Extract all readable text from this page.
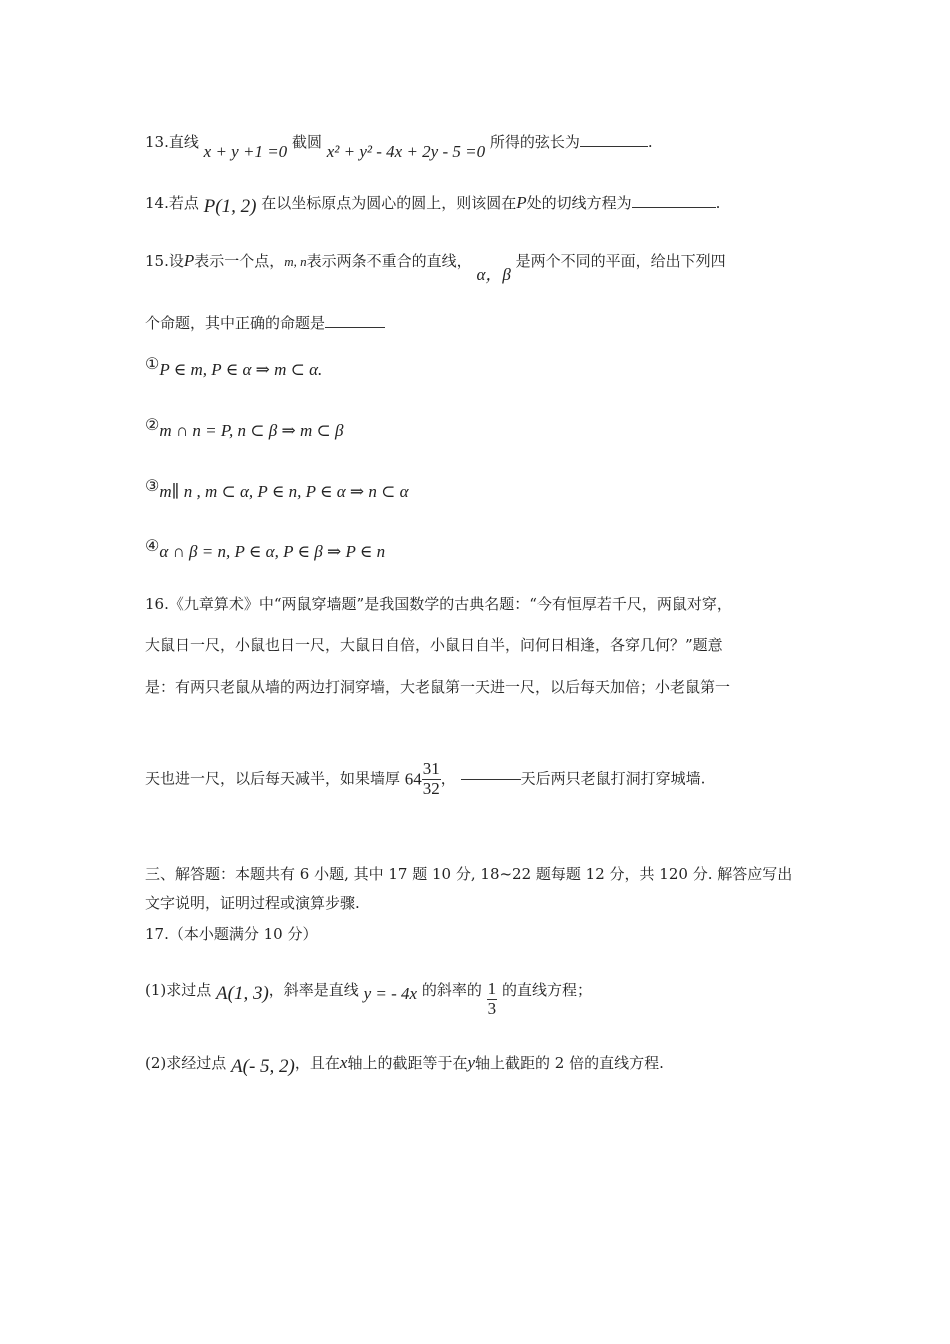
13.直线 x + y +1 =0 截圆 x² + y² - 4x + 2y - 5 =0 所得的弦长为	.
14.若点 P(1, 2) 在以坐标原点为圆心的圆上，则该圆在P处的切线方程为	.
15.设P表示一个点，m, n表示两条不重合的直线， α，β 是两个不同的平面，给出下列四
个命题，其中正确的命题是
①P ∈ m, P ∈ α ⇒ m ⊂ α.
②m ∩ n = P, n ⊂ β ⇒ m ⊂ β
③m∥ n , m ⊂ α, P ∈ n, P ∈ α ⇒ n ⊂ α
④α ∩ β = n, P ∈ α, P ∈ β ⇒ P ∈ n
16.《九章算术》中“两鼠穿墙题”是我国数学的古典名题：“今有恒厚若千尺，两鼠对穿，
大鼠日一尺，小鼠也日一尺，大鼠日自倍，小鼠日自半，问何日相逢，各穿几何？”题意
是：有两只老鼠从墙的两边打洞穿墙，大老鼠第一天进一尺，以后每天加倍；小老鼠第一
天也进一尺，以后每天减半，如果墙厚 $64 \frac{31}{32}$ ，	天后两只老鼠打洞打穿城墙.
三、解答题：本题共有 6 小题, 其中 17 题 10 分, 18~22 题每题 12 分，共 120 分. 解答应写出
文字说明，证明过程或演算步骤.
17.（本小题满分 10 分）
(1)求过点 A(1, 3)，斜率是直线 y = - 4x 的斜率的 $\frac{1}{3}$ 的直线方程；
(2)求经过点 A(- 5, 2)，且在x轴上的截距等于在y轴上截距的 2 倍的直线方程.
